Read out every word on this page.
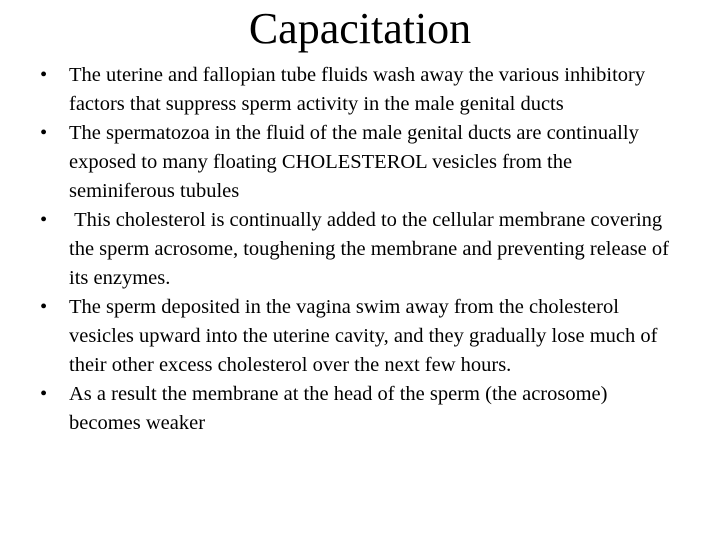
Capacitation
•	The uterine and fallopian tube fluids wash away the various inhibitory factors that suppress sperm activity in the male genital ducts
•	The spermatozoa in the fluid of the male genital ducts are continually exposed to many floating CHOLESTEROL vesicles from the seminiferous tubules
•	This cholesterol is continually added to the cellular membrane covering the sperm acrosome, toughening the membrane and preventing release of its enzymes.
•	The sperm deposited in the vagina swim away from the cholesterol vesicles upward into the uterine cavity, and they gradually lose much of their other excess cholesterol over the next few hours.
•	As a result the membrane at the head of the sperm (the acrosome) becomes weaker
